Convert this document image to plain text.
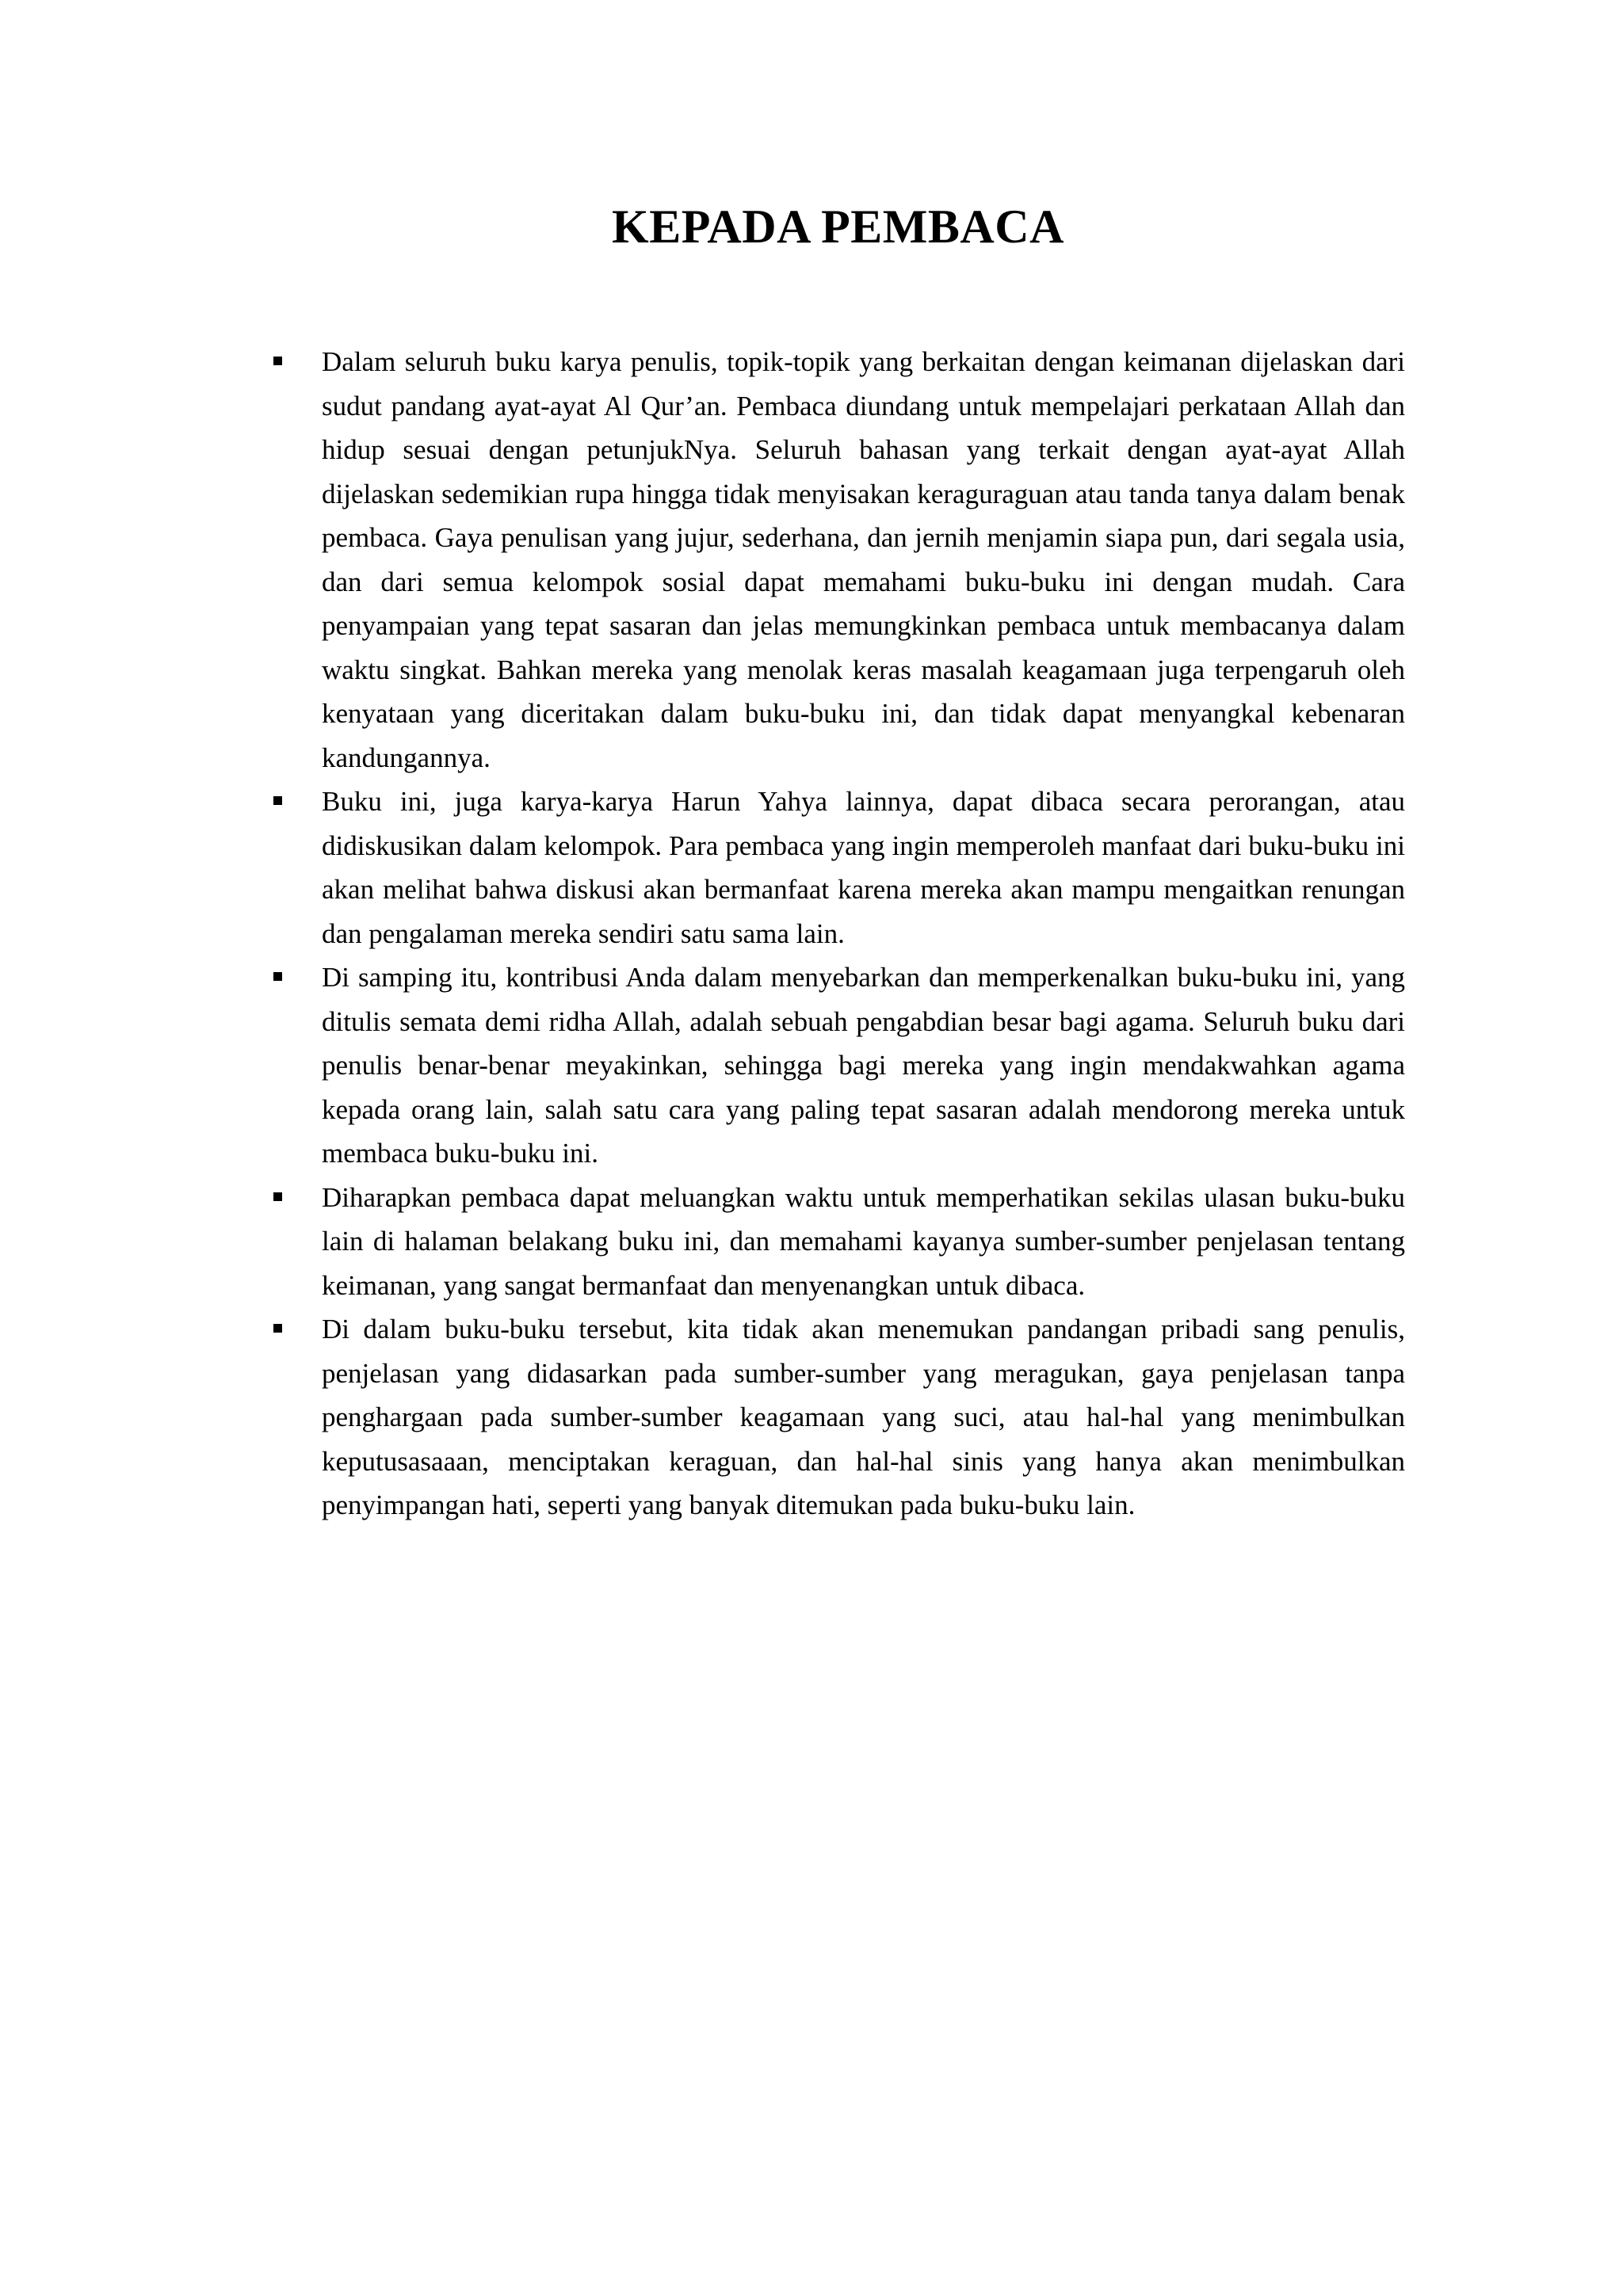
KEPADA PEMBACA
Dalam seluruh buku karya penulis, topik-topik yang berkaitan dengan keimanan dijelaskan dari sudut pandang ayat-ayat Al Qur’an. Pembaca diundang untuk mempelajari perkataan Allah dan hidup sesuai dengan petunjukNya. Seluruh bahasan yang terkait dengan ayat-ayat Allah dijelaskan sedemikian rupa hingga tidak menyisakan keraguraguan atau tanda tanya dalam benak pembaca. Gaya penulisan yang jujur, sederhana, dan jernih menjamin siapa pun, dari segala usia, dan dari semua kelompok sosial dapat memahami buku-buku ini dengan mudah. Cara penyampaian yang tepat sasaran dan jelas memungkinkan pembaca untuk membacanya dalam waktu singkat. Bahkan mereka yang menolak keras masalah keagamaan juga terpengaruh oleh kenyataan yang diceritakan dalam buku-buku ini, dan tidak dapat menyangkal kebenaran kandungannya.
Buku ini, juga karya-karya Harun Yahya lainnya, dapat dibaca secara perorangan, atau didiskusikan dalam kelompok. Para pembaca yang ingin memperoleh manfaat dari buku-buku ini akan melihat bahwa diskusi akan bermanfaat karena mereka akan mampu mengaitkan renungan dan pengalaman mereka sendiri satu sama lain.
Di samping itu, kontribusi Anda dalam menyebarkan dan memperkenalkan buku-buku ini, yang ditulis semata demi ridha Allah, adalah sebuah pengabdian besar bagi agama. Seluruh buku dari penulis benar-benar meyakinkan, sehingga bagi mereka yang ingin mendakwahkan agama kepada orang lain, salah satu cara yang paling tepat sasaran adalah mendorong mereka untuk membaca buku-buku ini.
Diharapkan pembaca dapat meluangkan waktu untuk memperhatikan sekilas ulasan buku-buku lain di halaman belakang buku ini, dan memahami kayanya sumber-sumber penjelasan tentang keimanan, yang sangat bermanfaat dan menyenangkan untuk dibaca.
Di dalam buku-buku tersebut, kita tidak akan menemukan pandangan pribadi sang penulis, penjelasan yang didasarkan pada sumber-sumber yang meragukan, gaya penjelasan tanpa penghargaan pada sumber-sumber keagamaan yang suci, atau hal-hal yang menimbulkan keputusasaaan, menciptakan keraguan, dan hal-hal sinis yang hanya akan menimbulkan penyimpangan hati, seperti yang banyak ditemukan pada buku-buku lain.
